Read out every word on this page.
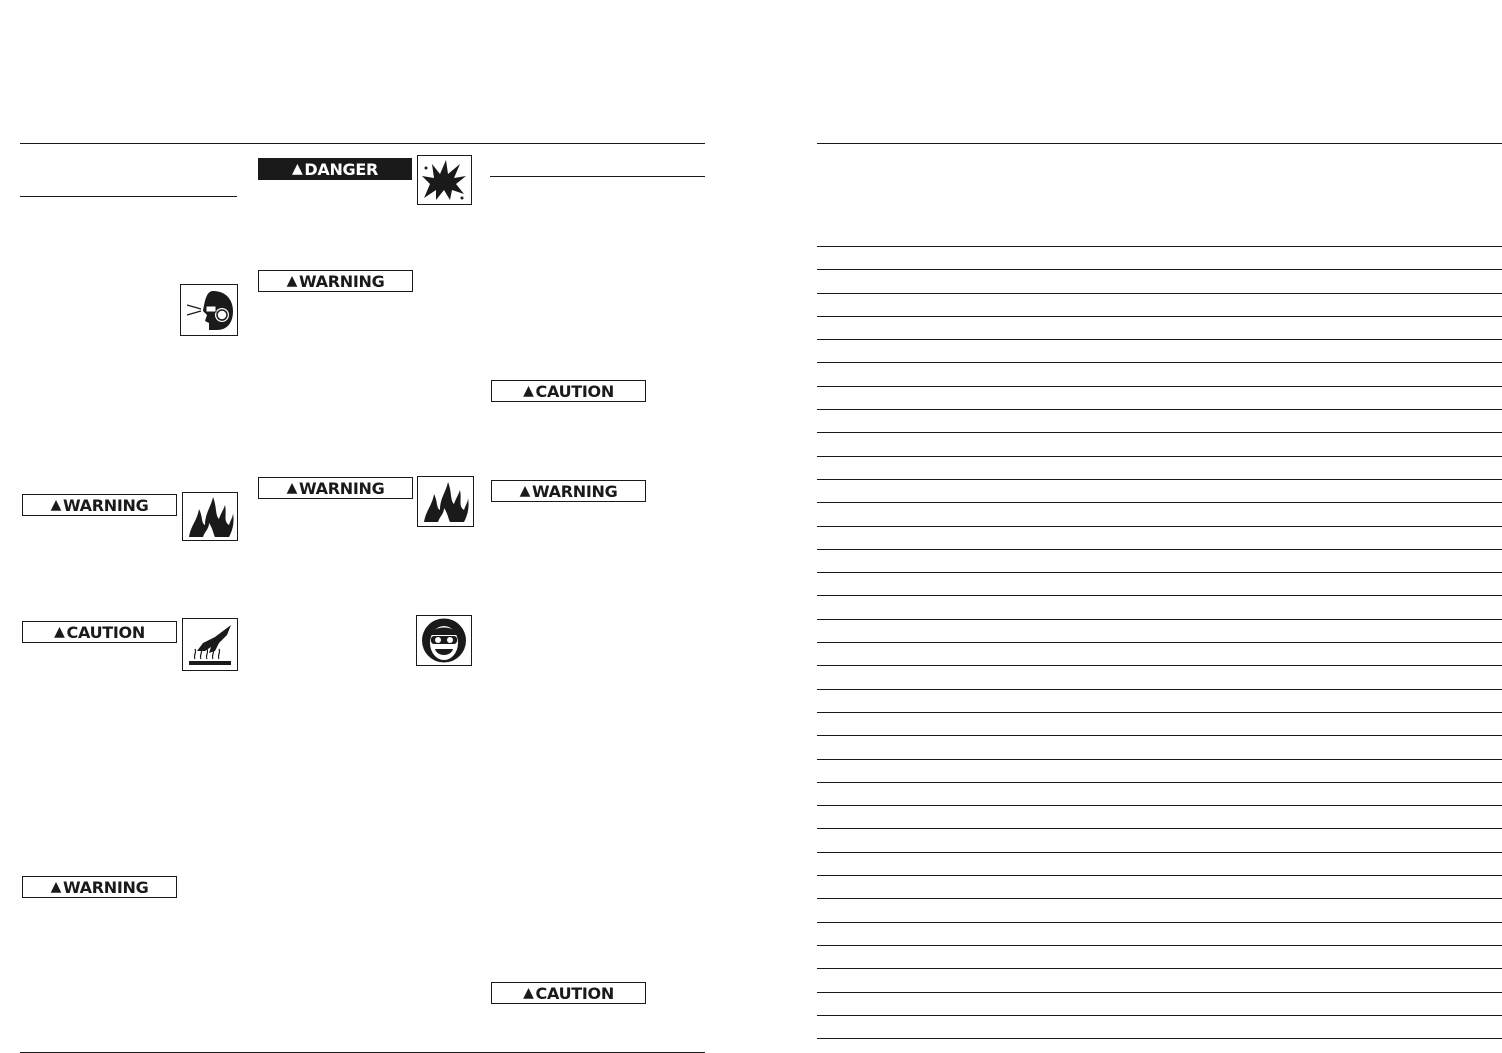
▲ WARNING
▲ CAUTION
▲ WARNING
▲ DANGER
▲ WARNING
▲ WARNING
▲ CAUTION
▲ WARNING
▲ CAUTION
